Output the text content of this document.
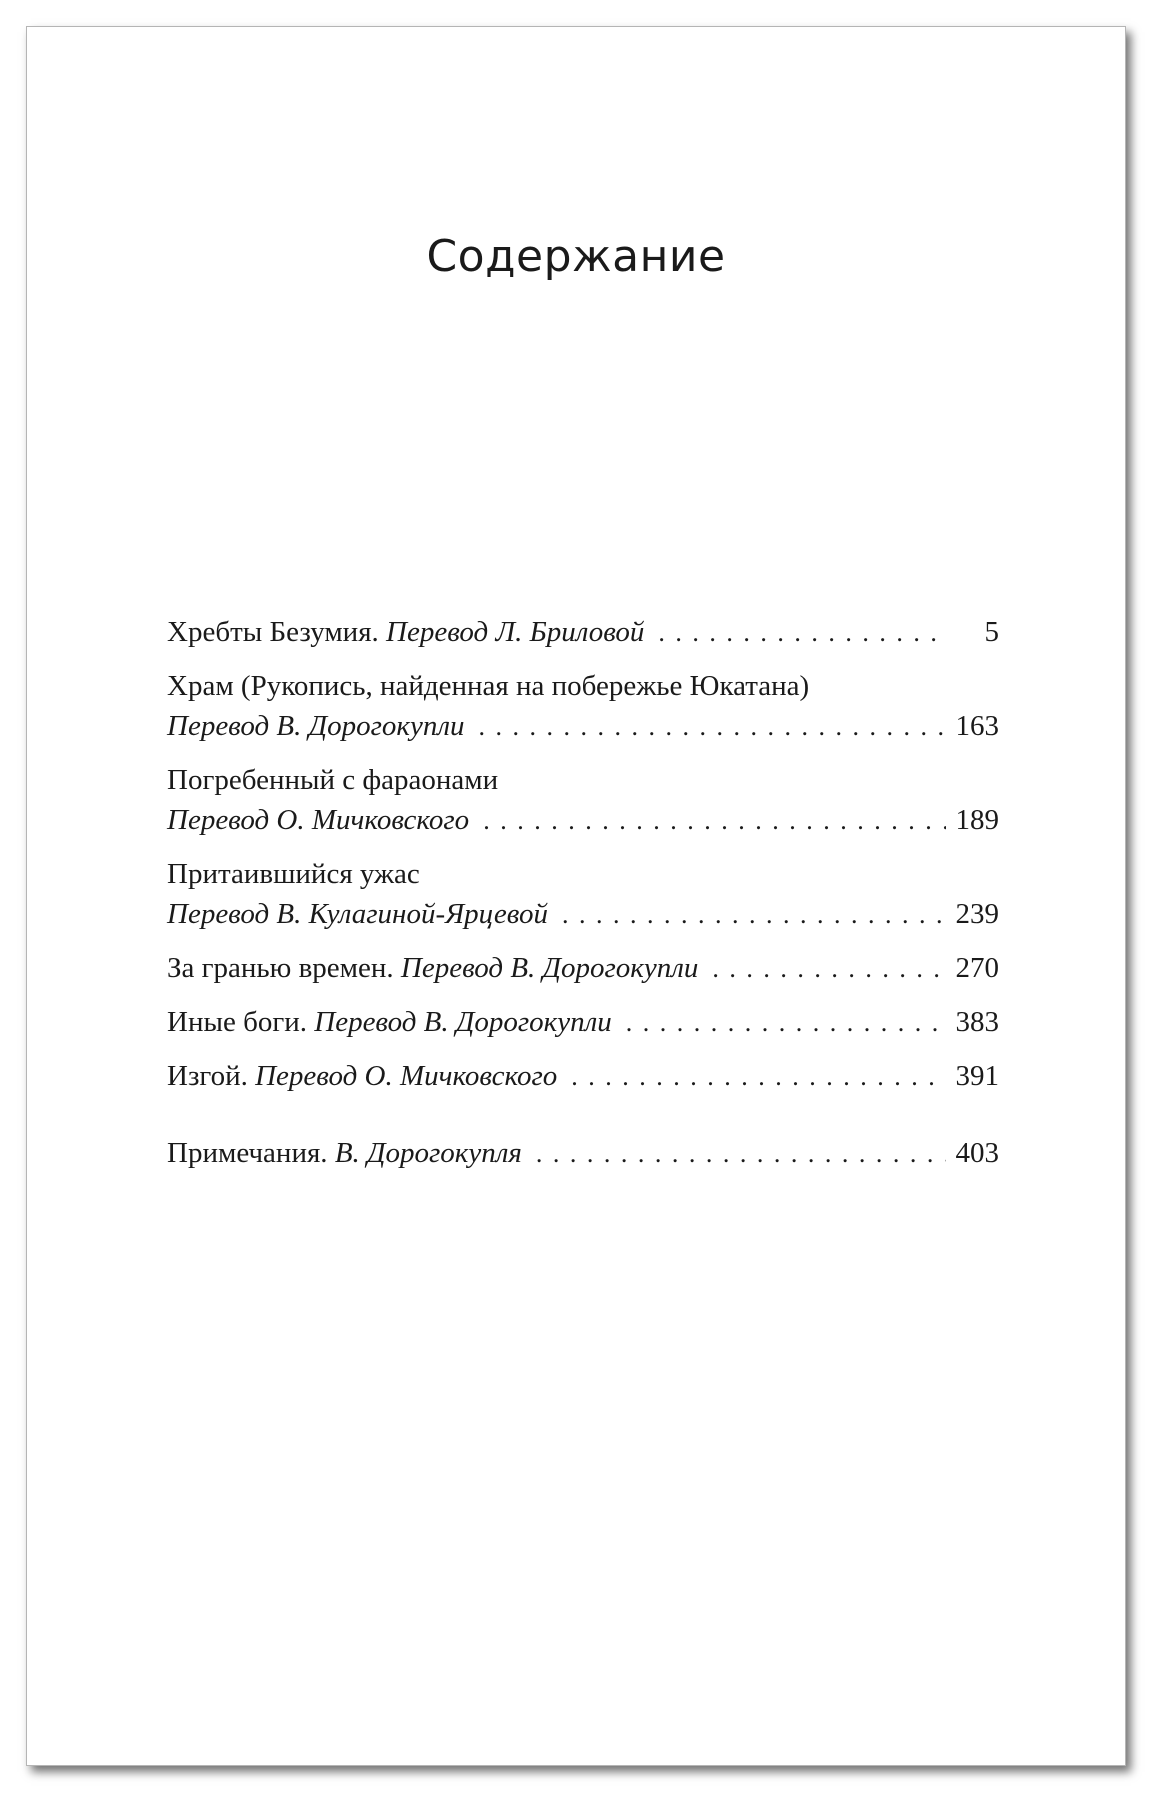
Содержание
Хребты Безумия. Перевод Л. Бриловой . . .	5
Храм (Рукопись, найденная на побережье Юкатана)
Перевод В. Дорогокупли . . .	163
Погребенный с фараонами
Перевод О. Мичковского . . .	189
Притаившийся ужас
Перевод В. Кулагиной-Ярцевой . . .	239
За гранью времен. Перевод В. Дорогокупли . . .	270
Иные боги. Перевод В. Дорогокупли . . .	383
Изгой. Перевод О. Мичковского . . .	391
Примечания. В. Дорогокупля . . .	403
